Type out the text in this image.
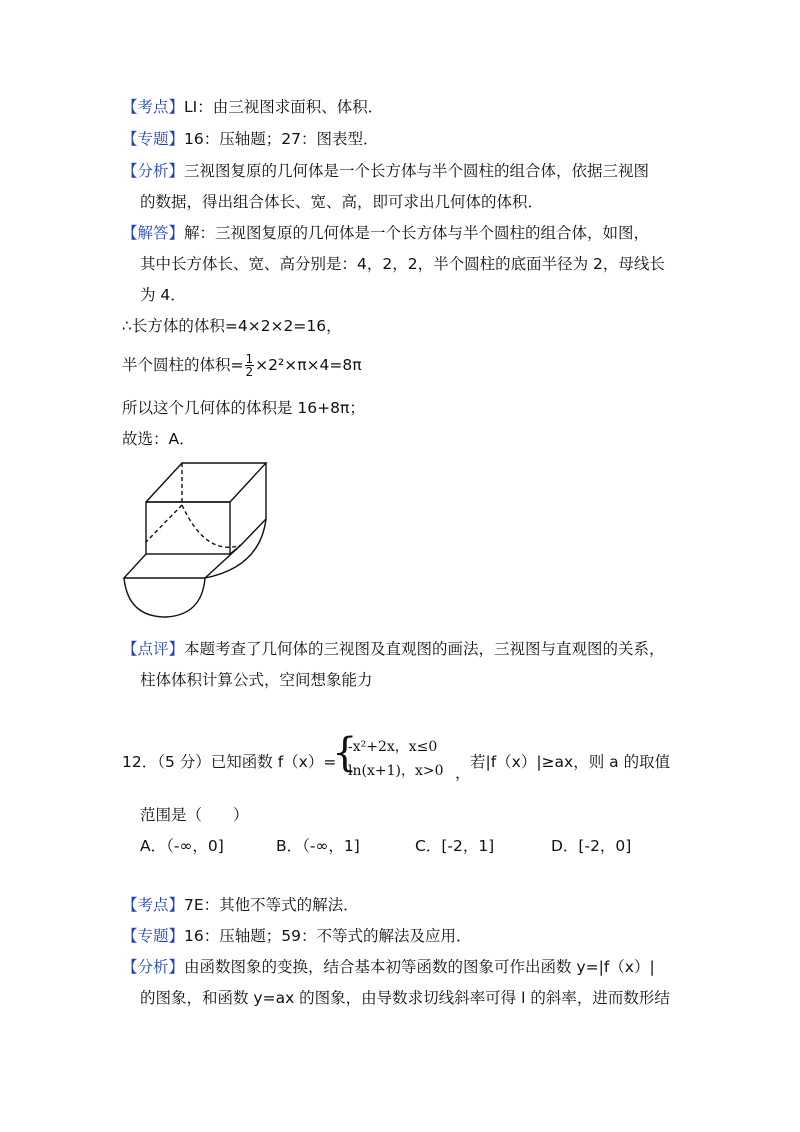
【考点】LI：由三视图求面积、体积．
【专题】16：压轴题；27：图表型．
【分析】三视图复原的几何体是一个长方体与半个圆柱的组合体，依据三视图
的数据，得出组合体长、宽、高，即可求出几何体的体积．
【解答】解：三视图复原的几何体是一个长方体与半个圆柱的组合体，如图，
其中长方体长、宽、高分别是：4，2，2，半个圆柱的底面半径为 2，母线长
为 4．
∴长方体的体积=4×2×2=16，
半个圆柱的体积= $\frac{1}{2} \times 2^2\times\pi\times 4=8\pi$
所以这个几何体的体积是 16+8π；
故选：A．
【点评】本题考查了几何体的三视图及直观图的画法，三视图与直观图的关系，
柱体体积计算公式，空间想象能力
12．（5 分）已知函数 f（x）=
{
-x²+2x，x≤0
ln(x+1)，x>0 ，
若|f（x）|≥ax，则 a 的取值
范围是（　　）
A．（-∞，0]	B．（-∞，1]	C．[-2，1]	D．[-2，0]
【考点】7E：其他不等式的解法．
【专题】16：压轴题；59：不等式的解法及应用．
【分析】由函数图象的变换，结合基本初等函数的图象可作出函数 y=|f（x）|
的图象，和函数 y=ax 的图象，由导数求切线斜率可得 l 的斜率，进而数形结
